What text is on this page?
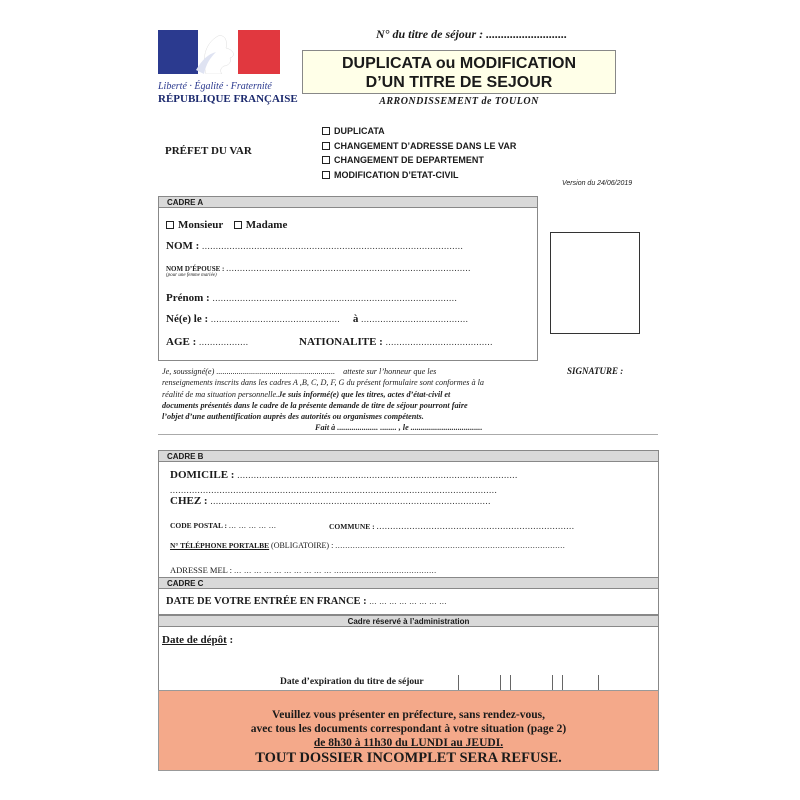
N° du titre de séjour : ...........................
Liberté · Égalité · Fraternité
RÉPUBLIQUE FRANÇAISE
DUPLICATA ou MODIFICATION
D’UN TITRE DE SEJOUR
ARRONDISSEMENT de TOULON
PRÉFET DU VAR
DUPLICATA
CHANGEMENT D’ADRESSE DANS LE VAR
CHANGEMENT DE DEPARTEMENT
MODIFICATION D’ETAT-CIVIL
Version du 24/06/2019
CADRE A
Monsieur Madame
NOM : ...............................................................................................
NOM D’ÉPOUSE : .........................................................................................
(pour une femme mariée)
Prénom : .........................................................................................
Né(e) le : ............................................... à .......................................
AGE : ..................	NATIONALITE : .......................................
Je, soussigné(e) .......................................................... atteste sur l’honneur que les
renseignements inscrits dans les cadres A ,B, C, D, F, G du présent formulaire sont conformes à la
réalité de ma situation personnelle.Je suis informé(e) que les titres, actes d’état-civil et
documents présentés dans le cadre de la présente demande de titre de séjour pourront faire
l’objet d’une authentification auprès des autorités ou organismes compétents.
Fait à .................... ........ , le ...................................
SIGNATURE :
CADRE B
DOMICILE : ......................................................................................................
.......................................................................................................................
CHEZ : ......................................................................................................
CODE POSTAL : ... ... ... ... ...	COMMUNE : ........................................................................
N° TÉLÉPHONE PORTALBE (OBLIGATOIRE) : ............................................................................................
ADRESSE MEL : ... ... ... ... ... ... ... ... ... ... .........................................
CADRE C
DATE DE VOTRE ENTRÉE EN FRANCE : ... ... ... ... ... ... ... ...
Cadre réservé à l’administration
Date de dépôt :
Date d’expiration du titre de séjour
Veuillez vous présenter en préfecture, sans rendez-vous,
avec tous les documents correspondant à votre situation (page 2)
de 8h30 à 11h30 du LUNDI au JEUDI.
TOUT DOSSIER INCOMPLET SERA REFUSE.
